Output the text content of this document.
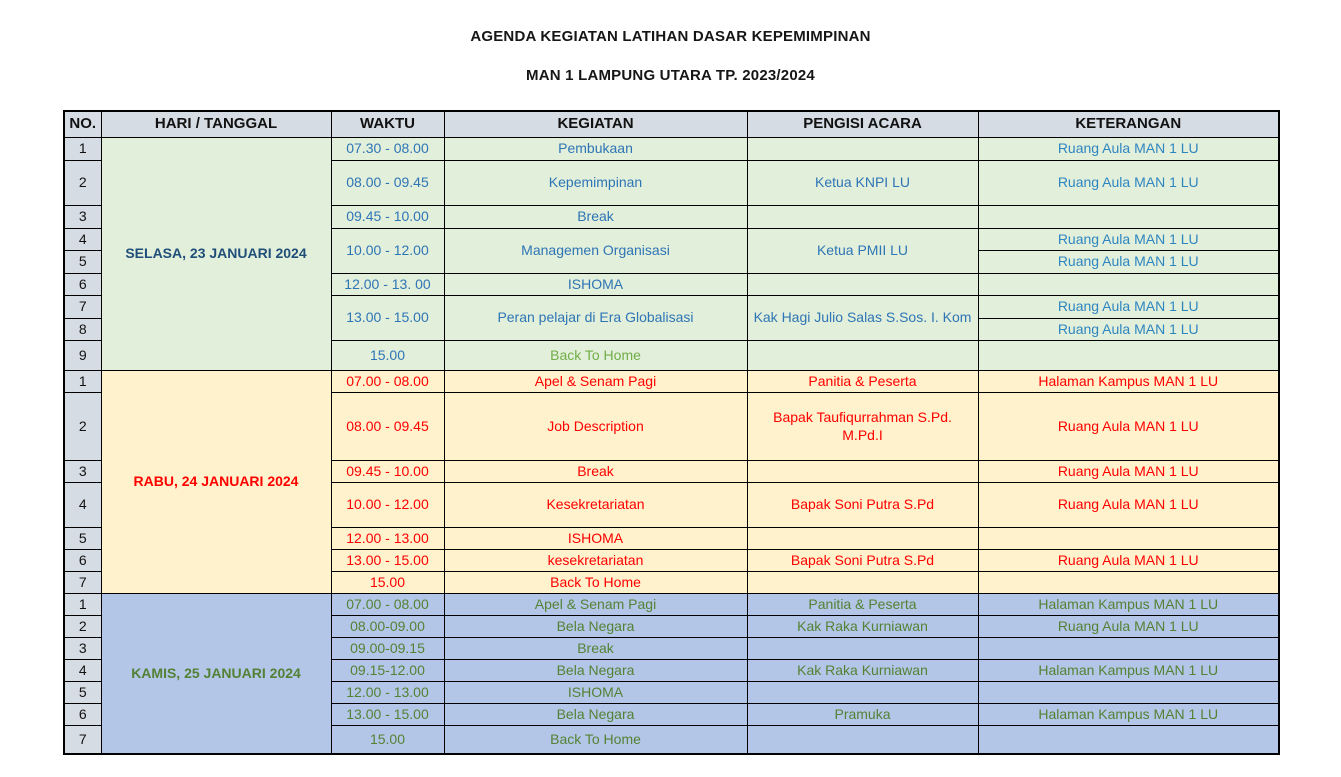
AGENDA KEGIATAN LATIHAN DASAR KEPEMIMPINAN
MAN 1 LAMPUNG UTARA TP. 2023/2024
NO.	HARI / TANGGAL	WAKTU	KEGIATAN	PENGISI ACARA	KETERANGAN
1	SELASA, 23 JANUARI 2024	07.30 - 08.00	Pembukaan		Ruang Aula MAN 1 LU
2		08.00 - 09.45	Kepemimpinan	Ketua KNPI LU	Ruang Aula MAN 1 LU
3		09.45 - 10.00	Break		
4		10.00 - 12.00	Managemen Organisasi	Ketua PMII LU	Ruang Aula MAN 1 LU
5					Ruang Aula MAN 1 LU
6		12.00 - 13. 00	ISHOMA		
7		13.00 - 15.00	Peran pelajar di Era Globalisasi	Kak Hagi Julio Salas S.Sos. I. Kom	Ruang Aula MAN 1 LU
8					Ruang Aula MAN 1 LU
9		15.00	Back To Home		
1	RABU, 24 JANUARI 2024	07.00 - 08.00	Apel & Senam Pagi	Panitia & Peserta	Halaman Kampus MAN 1 LU
2		08.00 - 09.45	Job Description	Bapak Taufiqurrahman S.Pd. M.Pd.I	Ruang Aula MAN 1 LU
3		09.45 - 10.00	Break		Ruang Aula MAN 1 LU
4		10.00 - 12.00	Kesekretariatan	Bapak Soni Putra S.Pd	Ruang Aula MAN 1 LU
5		12.00 - 13.00	ISHOMA		
6		13.00 - 15.00	kesekretariatan	Bapak Soni Putra S.Pd	Ruang Aula MAN 1 LU
7		15.00	Back To Home		
1	KAMIS, 25 JANUARI 2024	07.00 - 08.00	Apel & Senam Pagi	Panitia & Peserta	Halaman Kampus MAN 1 LU
2		08.00-09.00	Bela Negara	Kak Raka Kurniawan	Ruang Aula MAN 1 LU
3		09.00-09.15	Break		
4		09.15-12.00	Bela Negara	Kak Raka Kurniawan	Halaman Kampus MAN 1 LU
5		12.00 - 13.00	ISHOMA		
6		13.00 - 15.00	Bela Negara	Pramuka	Halaman Kampus MAN 1 LU
7		15.00	Back To Home		
